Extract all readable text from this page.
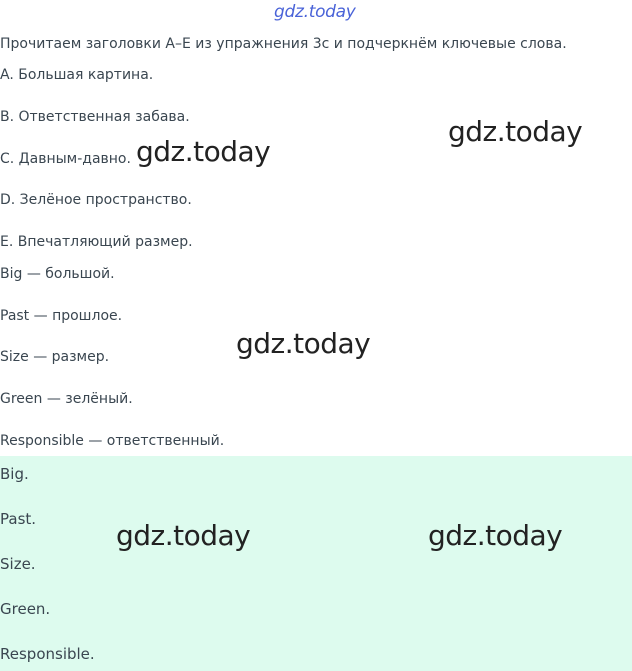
gdz.today
Прочитаем заголовки A–E из упражнения 3с и подчеркнём ключевые слова.
A. Большая картина.
B. Ответственная забава.
C. Давным-давно.
D. Зелёное пространство.
E. Впечатляющий размер.
Big — большой.
Past — прошлое.
Size — размер.
Green — зелёный.
Responsible — ответственный.
Big.
Past.
Size.
Green.
Responsible.
gdz.today
gdz.today
gdz.today
gdz.today	gdz.today
